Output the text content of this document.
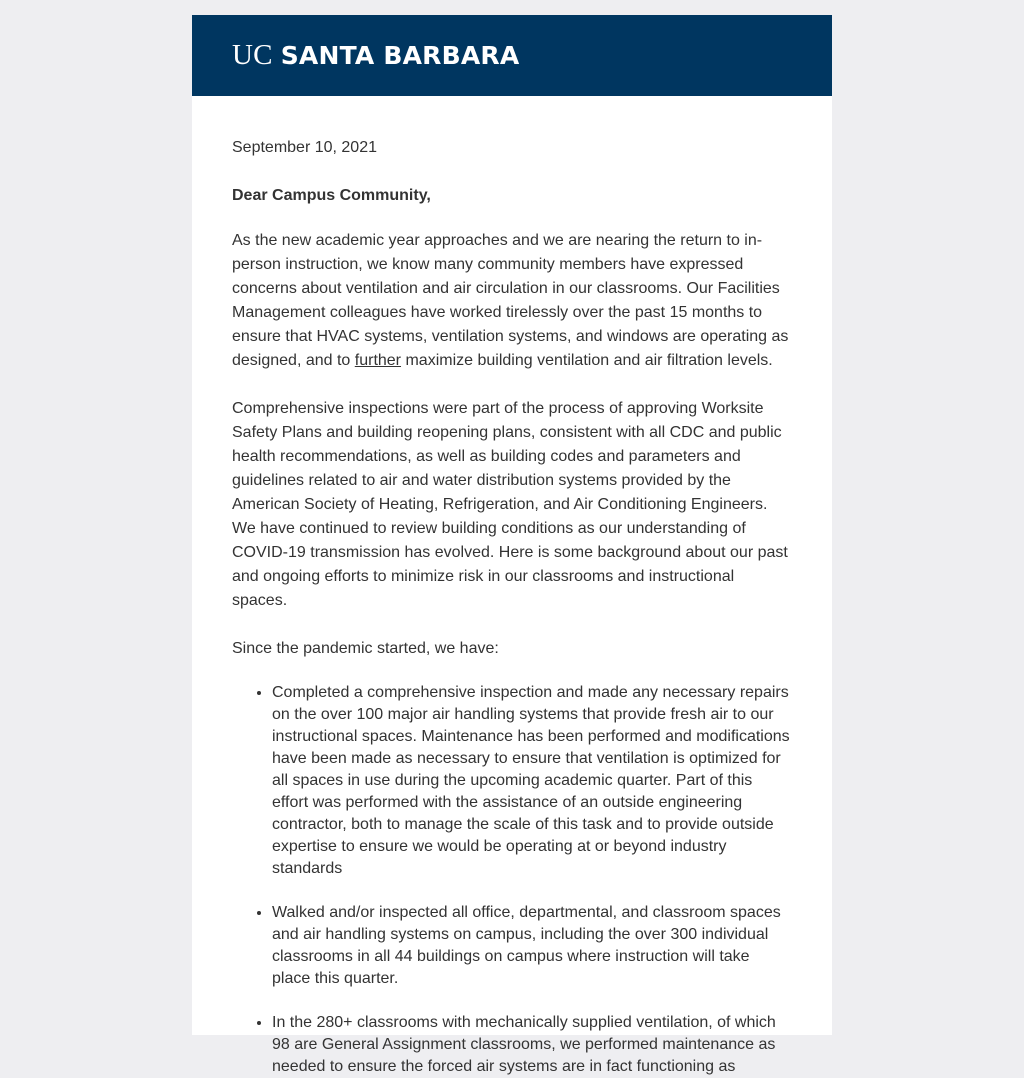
UC SANTA BARBARA

September 10, 2021

Dear Campus Community,

As the new academic year approaches and we are nearing the return to in-person instruction, we know many community members have expressed concerns about ventilation and air circulation in our classrooms. Our Facilities Management colleagues have worked tirelessly over the past 15 months to ensure that HVAC systems, ventilation systems, and windows are operating as designed, and to further maximize building ventilation and air filtration levels.

Comprehensive inspections were part of the process of approving Worksite Safety Plans and building reopening plans, consistent with all CDC and public health recommendations, as well as building codes and parameters and guidelines related to air and water distribution systems provided by the American Society of Heating, Refrigeration, and Air Conditioning Engineers. We have continued to review building conditions as our understanding of COVID-19 transmission has evolved. Here is some background about our past and ongoing efforts to minimize risk in our classrooms and instructional spaces.

Since the pandemic started, we have:

• Completed a comprehensive inspection and made any necessary repairs on the over 100 major air handling systems that provide fresh air to our instructional spaces. Maintenance has been performed and modifications have been made as necessary to ensure that ventilation is optimized for all spaces in use during the upcoming academic quarter. Part of this effort was performed with the assistance of an outside engineering contractor, both to manage the scale of this task and to provide outside expertise to ensure we would be operating at or beyond industry standards
• Walked and/or inspected all office, departmental, and classroom spaces and air handling systems on campus, including the over 300 individual classrooms in all 44 buildings on campus where instruction will take place this quarter.
• In the 280+ classrooms with mechanically supplied ventilation, of which 98 are General Assignment classrooms, we performed maintenance as needed to ensure the forced air systems are in fact functioning as
